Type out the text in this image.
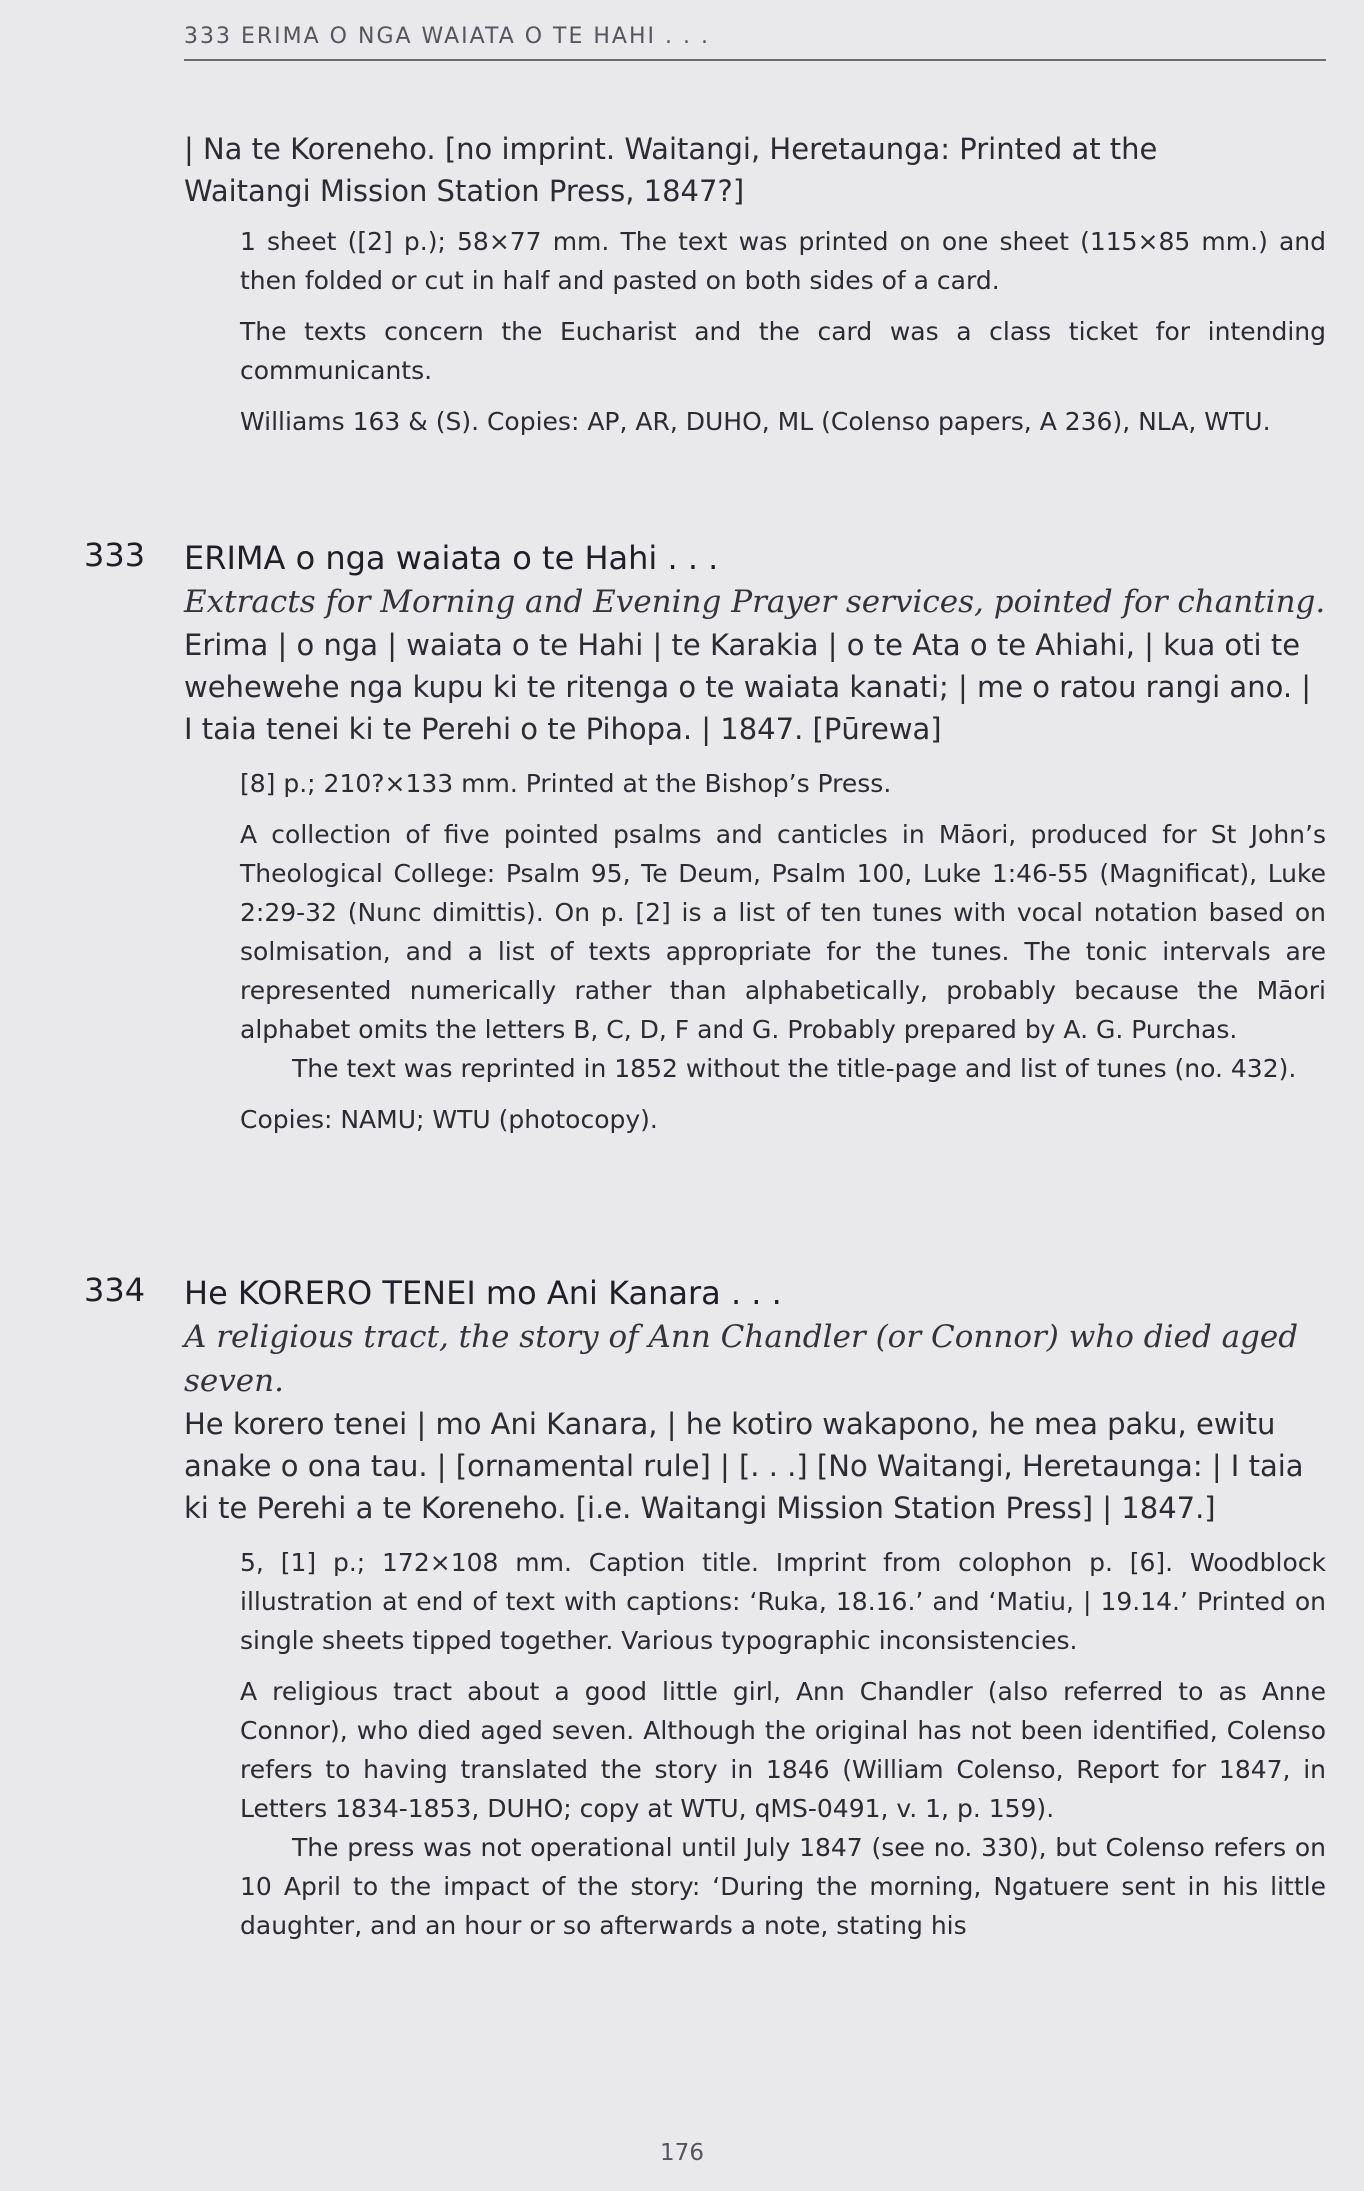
333 ERIMA O NGA WAIATA O TE HAHI . . .

| Na te Koreneho. [no imprint. Waitangi, Heretaunga: Printed at the

Waitangi Mission Station Press, 1847?]

1 sheet ([2] p.); 58×77 mm. The text was printed on one sheet (115×85 mm.) and then folded or cut in half and pasted on both sides of a card.

The texts concern the Eucharist and the card was a class ticket for intending communicants.

Williams 163 & (S). Copies: AP, AR, DUHO, ML (Colenso papers, A 236), NLA, WTU.

333 ERIMA o nga waiata o te Hahi . . .

Extracts for Morning and Evening Prayer services, pointed for chanting.

Erima | o nga | waiata o te Hahi | te Karakia | o te Ata o te Ahiahi, | kua oti te wehewehe nga kupu ki te ritenga o te waiata kanati; | me o ratou rangi ano. | I taia tenei ki te Perehi o te Pihopa. | 1847. [Pūrewa]

[8] p.; 210?×133 mm. Printed at the Bishop’s Press.

A collection of five pointed psalms and canticles in Māori, produced for St John’s Theological College: Psalm 95, Te Deum, Psalm 100, Luke 1:46-55 (Magnificat), Luke 2:29-32 (Nunc dimittis). On p. [2] is a list of ten tunes with vocal notation based on solmisation, and a list of texts appropriate for the tunes. The tonic intervals are represented numerically rather than alphabetically, probably because the Māori alphabet omits the letters B, C, D, F and G. Probably prepared by A. G. Purchas.

The text was reprinted in 1852 without the title-page and list of tunes (no. 432).

Copies: NAMU; WTU (photocopy).

334 He KORERO TENEI mo Ani Kanara . . .

A religious tract, the story of Ann Chandler (or Connor) who died aged seven.

He korero tenei | mo Ani Kanara, | he kotiro wakapono, he mea paku, ewitu anake o ona tau. | [ornamental rule] | [. . .] [No Waitangi, Heretaunga: | I taia ki te Perehi a te Koreneho. [i.e. Waitangi Mission Station Press] | 1847.]

5, [1] p.; 172×108 mm. Caption title. Imprint from colophon p. [6]. Woodblock illustration at end of text with captions: ‘Ruka, 18.16.’ and ‘Matiu, | 19.14.’ Printed on single sheets tipped together. Various typographic inconsistencies.

A religious tract about a good little girl, Ann Chandler (also referred to as Anne Connor), who died aged seven. Although the original has not been identified, Colenso refers to having translated the story in 1846 (William Colenso, Report for 1847, in Letters 1834-1853, DUHO; copy at WTU, qMS-0491, v. 1, p. 159).

The press was not operational until July 1847 (see no. 330), but Colenso refers on 10 April to the impact of the story: ‘During the morning, Ngatuere sent in his little daughter, and an hour or so afterwards a note, stating his

176
